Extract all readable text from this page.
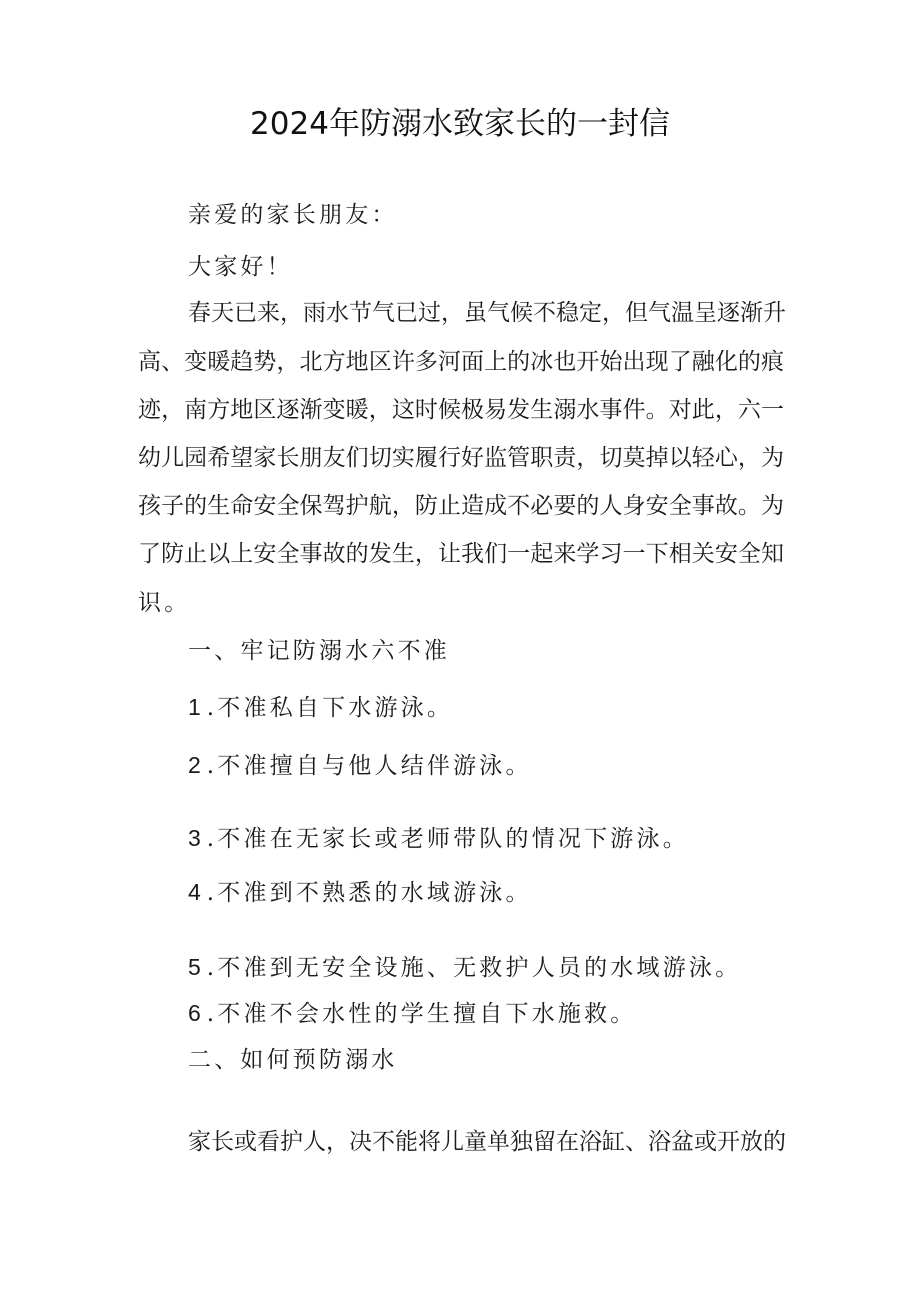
2024年防溺水致家长的一封信
亲爱的家长朋友：
大家好！
春天已来，雨水节气已过，虽气候不稳定，但气温呈逐渐升
高、变暖趋势，北方地区许多河面上的冰也开始出现了融化的痕
迹，南方地区逐渐变暖，这时候极易发生溺水事件。对此，六一
幼儿园希望家长朋友们切实履行好监管职责，切莫掉以轻心，为
孩子的生命安全保驾护航，防止造成不必要的人身安全事故。为
了防止以上安全事故的发生，让我们一起来学习一下相关安全知
识。
一、牢记防溺水六不准
1 .不准私自下水游泳。
2 .不准擅自与他人结伴游泳。
3 .不准在无家长或老师带队的情况下游泳。
4 .不准到不熟悉的水域游泳。
5 .不准到无安全设施、无救护人员的水域游泳。
6 .不准不会水性的学生擅自下水施救。
二、如何预防溺水
家长或看护人，决不能将儿童单独留在浴缸、浴盆或开放的
